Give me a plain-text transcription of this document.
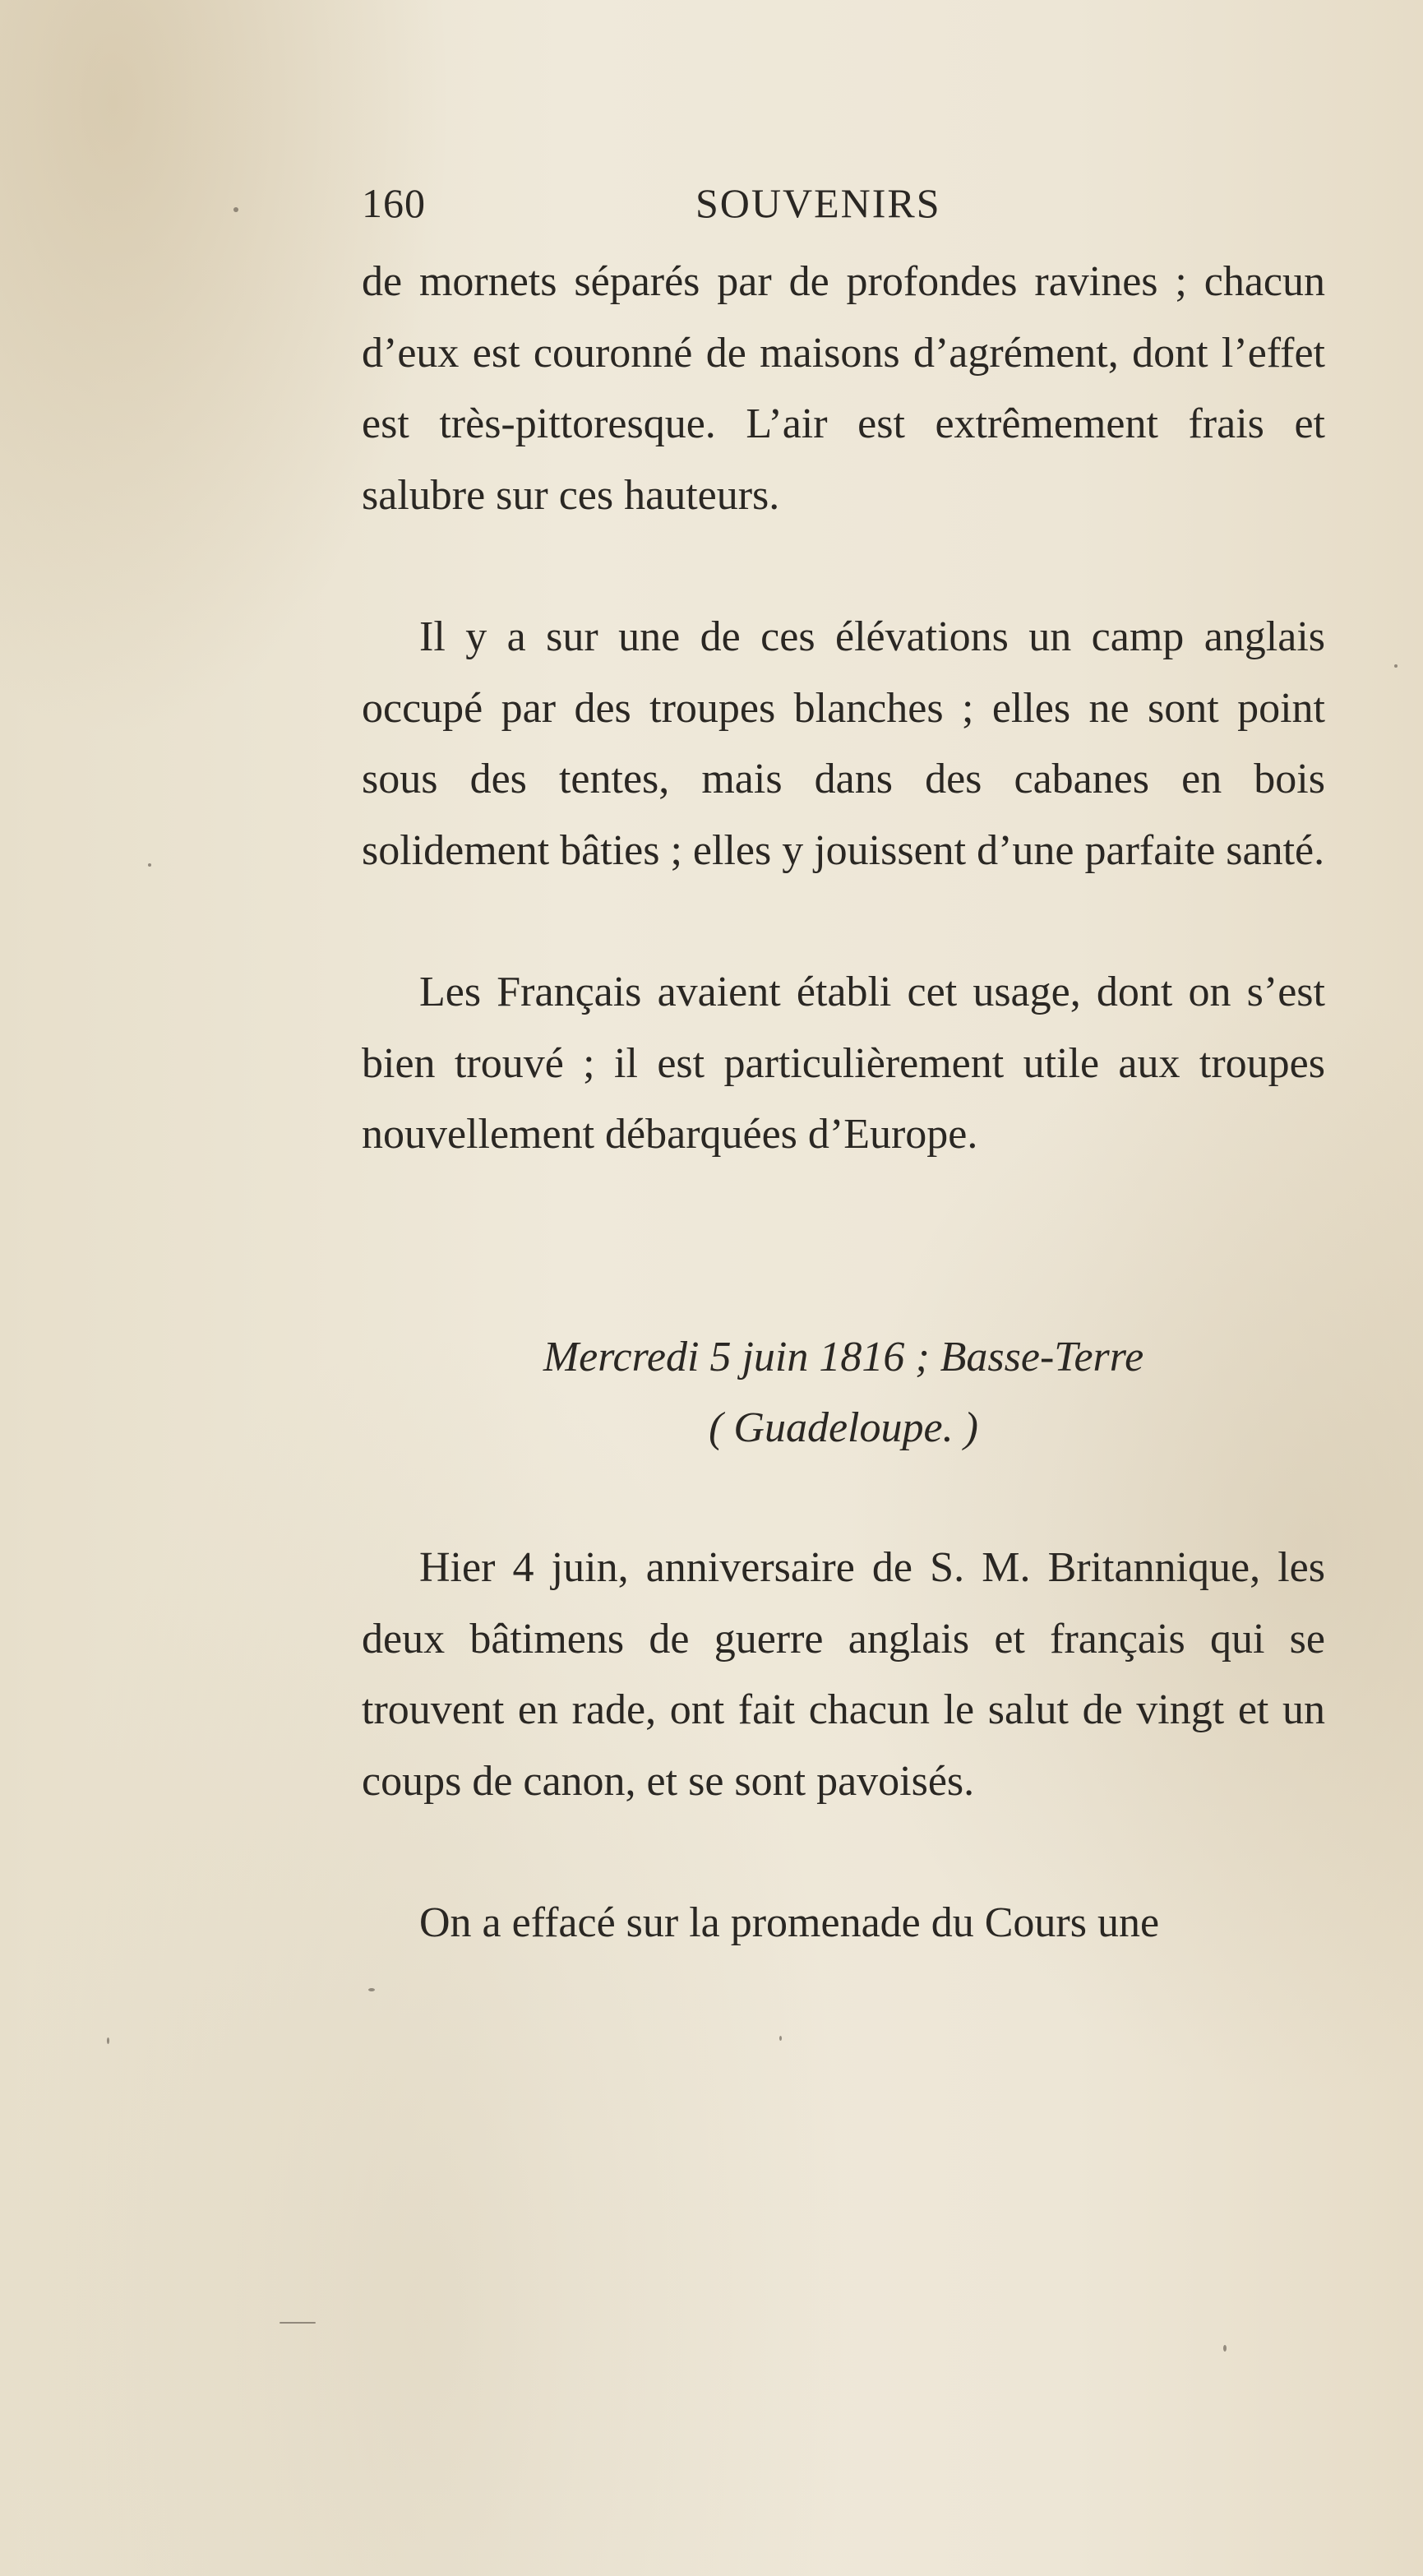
160	SOUVENIRS

de mornets séparés par de profondes ravines ; chacun d’eux est couronné de maisons d’agrément, dont l’effet est très-pittoresque. L’air est extrêmement frais et salubre sur ces hauteurs.

Il y a sur une de ces élévations un camp anglais occupé par des troupes blanches ; elles ne sont point sous des tentes, mais dans des cabanes en bois solidement bâties ; elles y jouissent d’une parfaite santé.

Les Français avaient établi cet usage, dont on s’est bien trouvé ; il est particulièrement utile aux troupes nouvellement débarquées d’Europe.

Mercredi 5 juin 1816 ; Basse-Terre
( Guadeloupe. )

Hier 4 juin, anniversaire de S. M. Britannique, les deux bâtimens de guerre anglais et français qui se trouvent en rade, ont fait chacun le salut de vingt et un coups de canon, et se sont pavoisés.

On a effacé sur la promenade du Cours une
